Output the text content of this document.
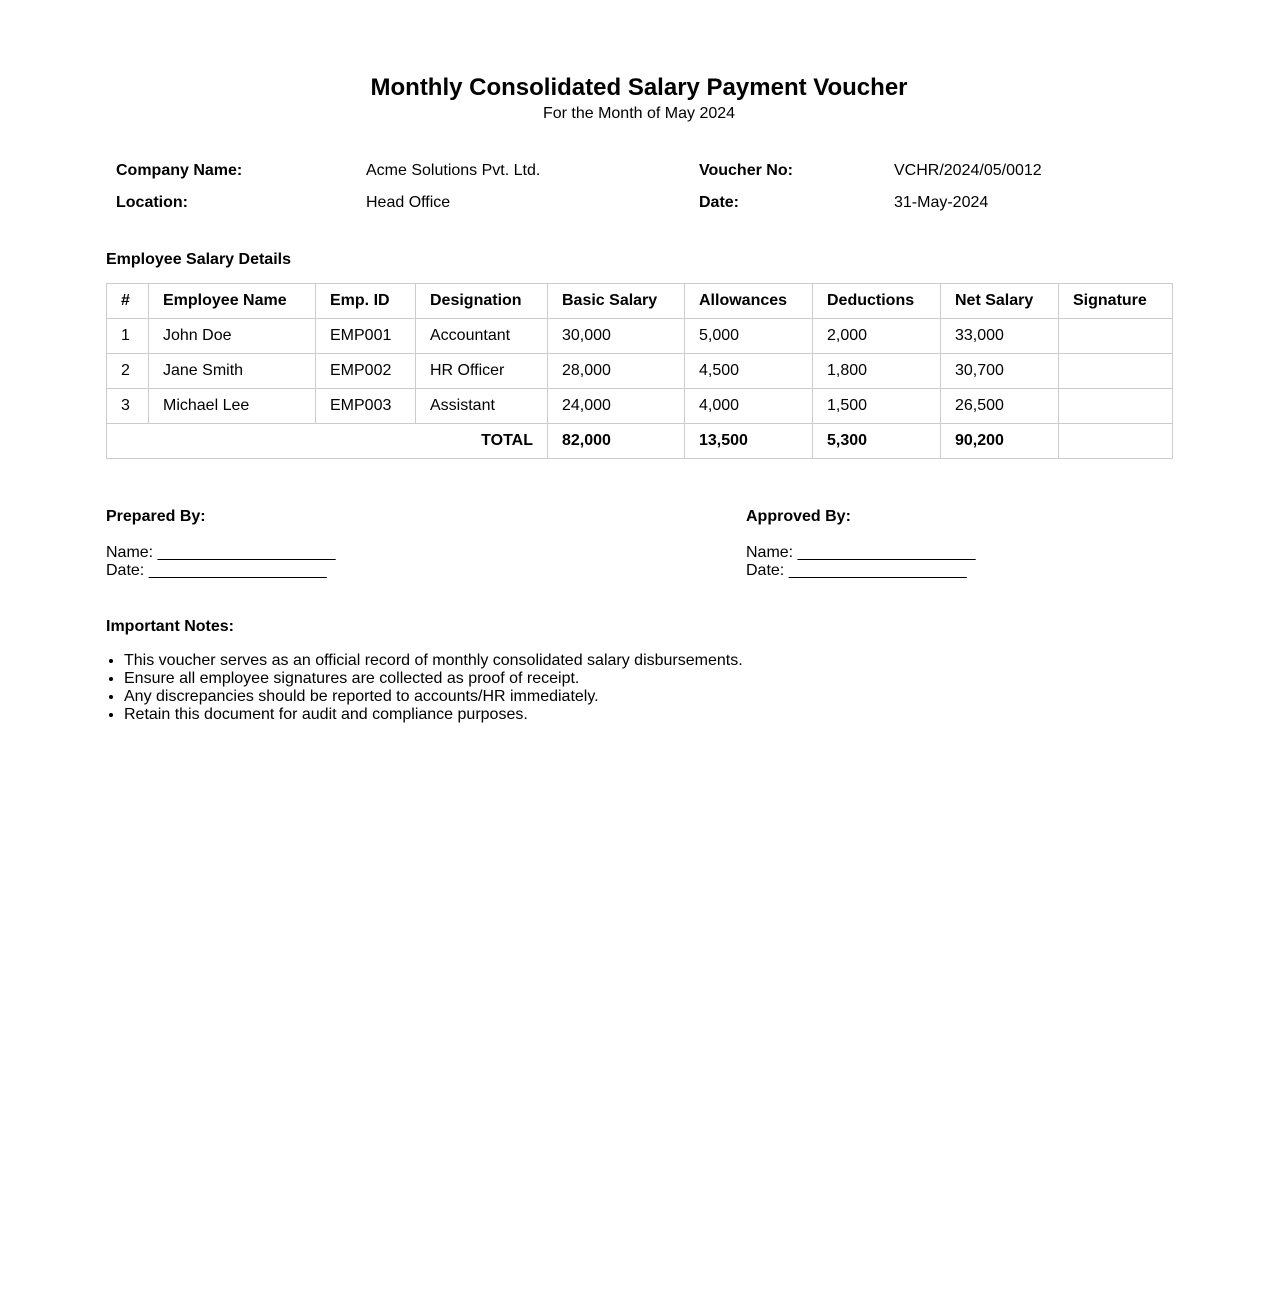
Monthly Consolidated Salary Payment Voucher
For the Month of May 2024
Company Name:	Acme Solutions Pvt. Ltd.	Voucher No:	VCHR/2024/05/0012
Location:	Head Office	Date:	31-May-2024
Employee Salary Details
#	Employee Name	Emp. ID	Designation	Basic Salary	Allowances	Deductions	Net Salary	Signature
1	John Doe	EMP001	Accountant	30,000	5,000	2,000	33,000	
2	Jane Smith	EMP002	HR Officer	28,000	4,500	1,800	30,700	
3	Michael Lee	EMP003	Assistant	24,000	4,000	1,500	26,500	
TOTAL				82,000	13,500	5,300	90,200	
Prepared By:
Name: ____________________
Date: ____________________
Approved By:
Name: ____________________
Date: ____________________
Important Notes:
• This voucher serves as an official record of monthly consolidated salary disbursements.
• Ensure all employee signatures are collected as proof of receipt.
• Any discrepancies should be reported to accounts/HR immediately.
• Retain this document for audit and compliance purposes.
